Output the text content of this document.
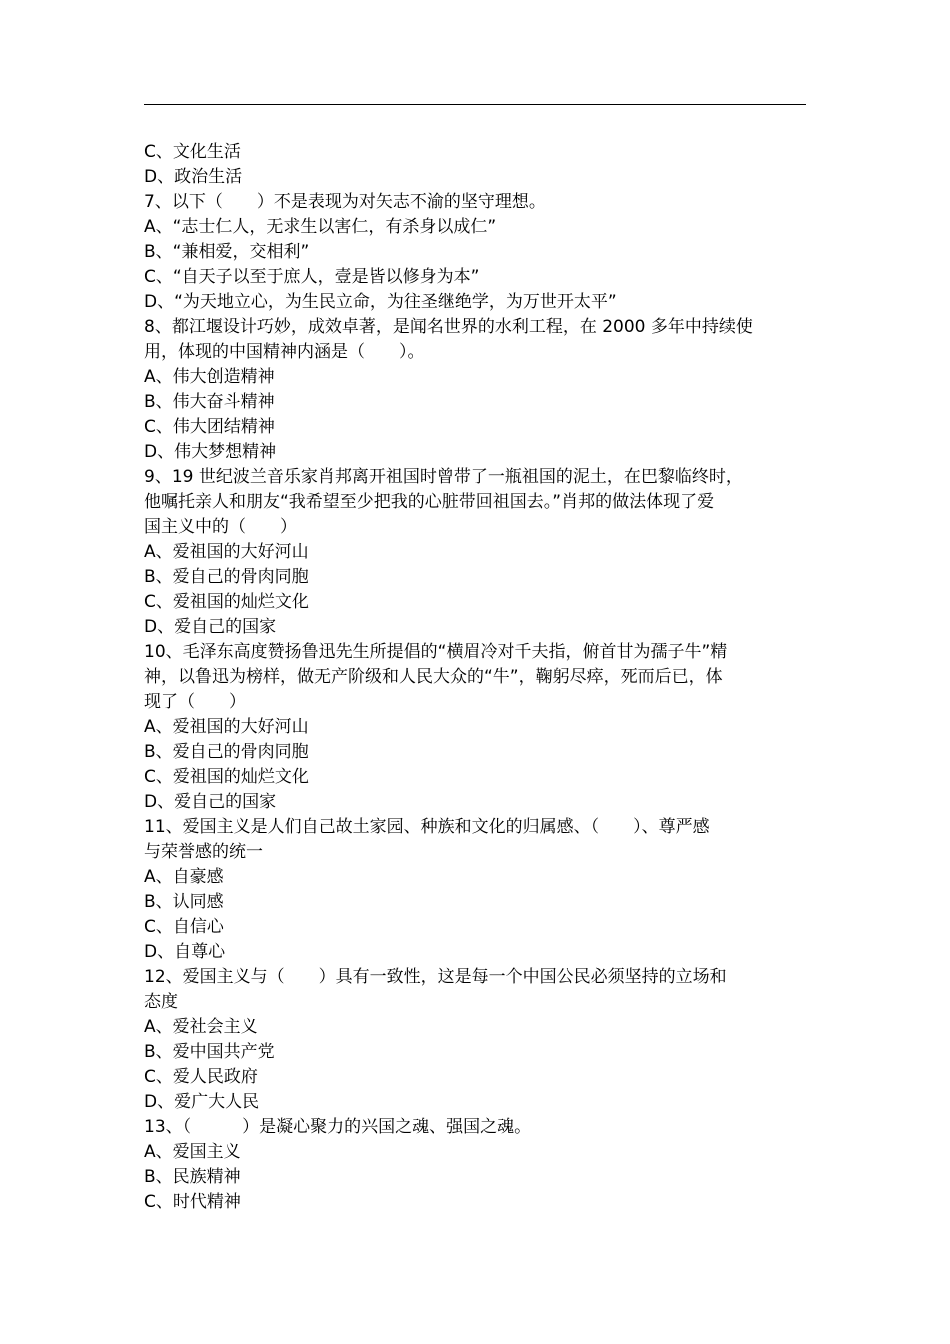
C、文化生活
D、政治生活
7、以下（　　）不是表现为对矢志不渝的坚守理想。
A、“志士仁人，无求生以害仁，有杀身以成仁”
B、“兼相爱，交相利”
C、“自天子以至于庶人，壹是皆以修身为本”
D、“为天地立心，为生民立命，为往圣继绝学，为万世开太平”
8、都江堰设计巧妙，成效卓著，是闻名世界的水利工程，在 2000 多年中持续使
用，体现的中国精神内涵是（　　）。
A、伟大创造精神
B、伟大奋斗精神
C、伟大团结精神
D、伟大梦想精神
9、19 世纪波兰音乐家肖邦离开祖国时曾带了一瓶祖国的泥土，在巴黎临终时，
他嘱托亲人和朋友“我希望至少把我的心脏带回祖国去。”肖邦的做法体现了爱
国主义中的（　　）
A、爱祖国的大好河山
B、爱自己的骨肉同胞
C、爱祖国的灿烂文化
D、爱自己的国家
10、毛泽东高度赞扬鲁迅先生所提倡的“横眉冷对千夫指，俯首甘为孺子牛”精
神，以鲁迅为榜样，做无产阶级和人民大众的“牛”，鞠躬尽瘁，死而后已，体
现了（　　）
A、爱祖国的大好河山
B、爱自己的骨肉同胞
C、爱祖国的灿烂文化
D、爱自己的国家
11、爱国主义是人们自己故土家园、种族和文化的归属感、（　　）、尊严感
与荣誉感的统一
A、自豪感
B、认同感
C、自信心
D、自尊心
12、爱国主义与（　　）具有一致性，这是每一个中国公民必须坚持的立场和
态度
A、爱社会主义
B、爱中国共产党
C、爱人民政府
D、爱广大人民
13、（　　　）是凝心聚力的兴国之魂、强国之魂。
A、爱国主义
B、民族精神
C、时代精神
